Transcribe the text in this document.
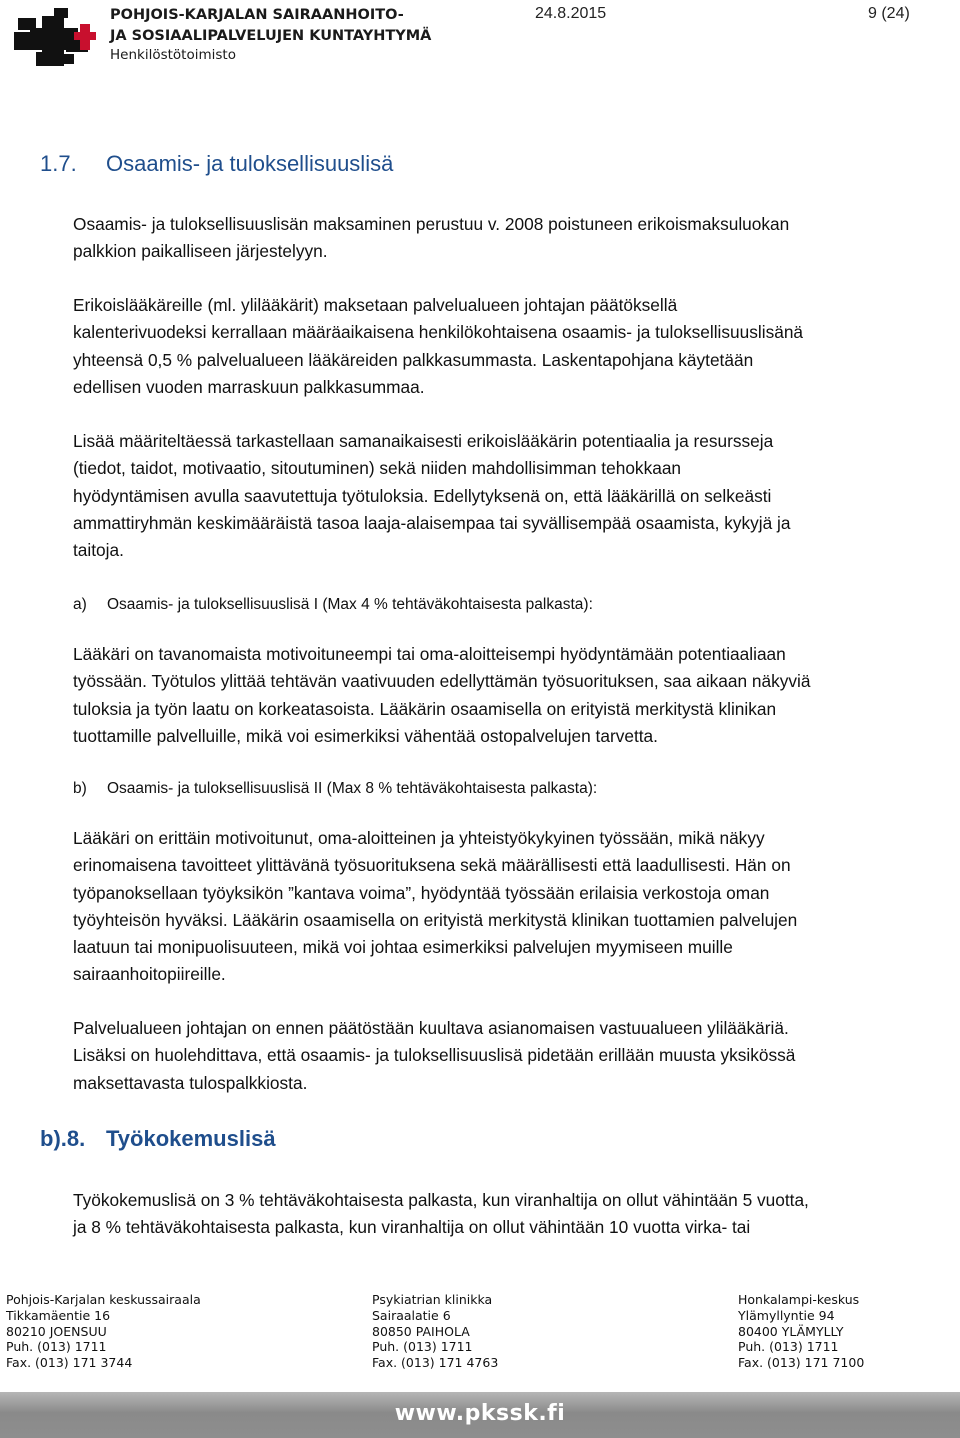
POHJOIS-KARJALAN SAIRAANHOITO-
JA SOSIAALIPALVELUJEN KUNTAYHTYMÄ
Henkilöstötoimisto
24.8.2015	9 (24)
1.7. Osaamis- ja tuloksellisuuslisä
Osaamis- ja tuloksellisuuslisän maksaminen perustuu v. 2008 poistuneen erikoismaksuluokan
palkkion paikalliseen järjestelyyn.
Erikoislääkäreille (ml. ylilääkärit) maksetaan palvelualueen johtajan päätöksellä
kalenterivuodeksi kerrallaan määräaikaisena henkilökohtaisena osaamis- ja tuloksellisuuslisänä
yhteensä 0,5 % palvelualueen lääkäreiden palkkasummasta. Laskentapohjana käytetään
edellisen vuoden marraskuun palkkasummaa.
Lisää määriteltäessä tarkastellaan samanaikaisesti erikoislääkärin potentiaalia ja resursseja
(tiedot, taidot, motivaatio, sitoutuminen) sekä niiden mahdollisimman tehokkaan
hyödyntämisen avulla saavutettuja työtuloksia. Edellytyksenä on, että lääkärillä on selkeästi
ammattiryhmän keskimääräistä tasoa laaja-alaisempaa tai syvällisempää osaamista, kykyjä ja
taitoja.
a) Osaamis- ja tuloksellisuuslisä I (Max 4 % tehtäväkohtaisesta palkasta):
Lääkäri on tavanomaista motivoituneempi tai oma-aloitteisempi hyödyntämään potentiaaliaan
työssään. Työtulos ylittää tehtävän vaativuuden edellyttämän työsuorituksen, saa aikaan näkyviä
tuloksia ja työn laatu on korkeatasoista. Lääkärin osaamisella on erityistä merkitystä klinikan
tuottamille palvelluille, mikä voi esimerkiksi vähentää ostopalvelujen tarvetta.
b) Osaamis- ja tuloksellisuuslisä II (Max 8 % tehtäväkohtaisesta palkasta):
Lääkäri on erittäin motivoitunut, oma-aloitteinen ja yhteistyökykyinen työssään, mikä näkyy
erinomaisena tavoitteet ylittävänä työsuorituksena sekä määrällisesti että laadullisesti. Hän on
työpanoksellaan työyksikön ”kantava voima”, hyödyntää työssään erilaisia verkostoja oman
työyhteisön hyväksi. Lääkärin osaamisella on erityistä merkitystä klinikan tuottamien palvelujen
laatuun tai monipuolisuuteen, mikä voi johtaa esimerkiksi palvelujen myymiseen muille
sairaanhoitopiireille.
Palvelualueen johtajan on ennen päätöstään kuultava asianomaisen vastuualueen ylilääkäriä.
Lisäksi on huolehdittava, että osaamis- ja tuloksellisuuslisä pidetään erillään muusta yksikössä
maksettavasta tulospalkkiosta.
b).8. Työkokemuslisä
Työkokemuslisä on 3 % tehtäväkohtaisesta palkasta, kun viranhaltija on ollut vähintään 5 vuotta,
ja 8 % tehtäväkohtaisesta palkasta, kun viranhaltija on ollut vähintään 10 vuotta virka- tai
Pohjois-Karjalan keskussairaala
Tikkamäentie 16
80210 JOENSUU
Puh. (013) 1711
Fax. (013) 171 3744
Psykiatrian klinikka
Sairaalatie 6
80850 PAIHOLA
Puh. (013) 1711
Fax. (013) 171 4763
Honkalampi-keskus
Ylämyllyntie 94
80400 YLÄMYLLY
Puh. (013) 1711
Fax. (013) 171 7100
www.pkssk.fi
